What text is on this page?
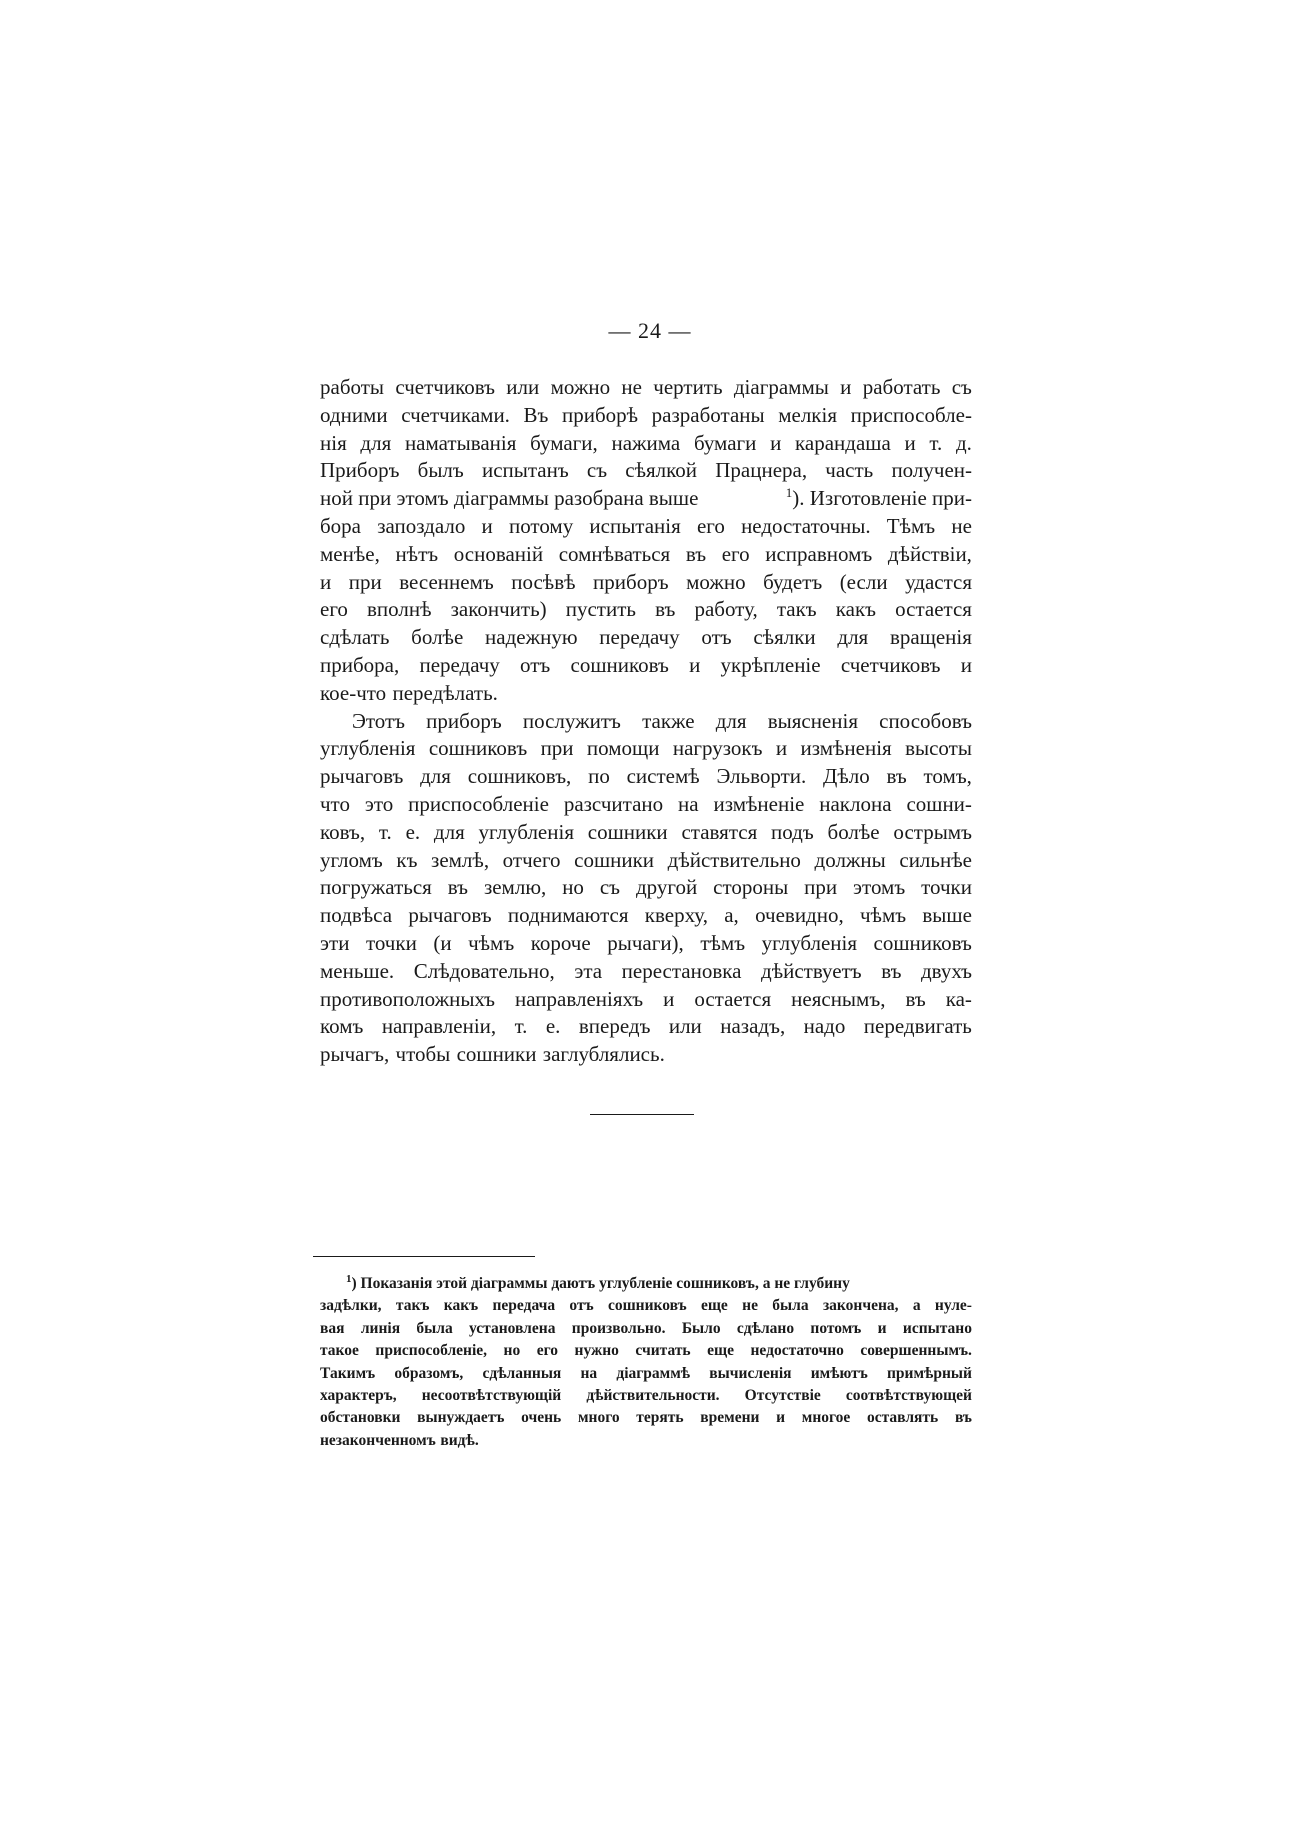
— 24 —
работы счетчиковъ или можно не чертить діаграммы и работать съ
одними счетчиками. Въ приборѣ разработаны мелкія приспособле-
нія для наматыванія бумаги, нажима бумаги и карандаша и т. д.
Приборъ былъ испытанъ съ сѣялкой Працнера, часть получен-
ной при этомъ діаграммы разобрана выше	$^1$). Изготовленіе при-
бора запоздало и потому испытанія его недостаточны. Тѣмъ не
менѣе, нѣтъ основаній сомнѣваться въ его исправномъ дѣйствіи,
и при весеннемъ посѣвѣ приборъ можно будетъ (если удастся
его вполнѣ закончить) пустить въ работу, такъ какъ остается
сдѣлать болѣе надежную передачу отъ сѣялки для вращенія
прибора, передачу отъ сошниковъ и укрѣпленіе счетчиковъ и
кое-что передѣлать.
Этотъ приборъ послужитъ также для выясненія способовъ
углубленія сошниковъ при помощи нагрузокъ и измѣненія высоты
рычаговъ для сошниковъ, по системѣ Эльворти. Дѣло въ томъ,
что это приспособленіе разсчитано на измѣненіе наклона сошни-
ковъ, т. е. для углубленія сошники ставятся подъ болѣе острымъ
угломъ къ землѣ, отчего сошники дѣйствительно должны сильнѣе
погружаться въ землю, но съ другой стороны при этомъ точки
подвѣса рычаговъ поднимаются кверху, а, очевидно, чѣмъ выше
эти точки (и чѣмъ короче рычаги), тѣмъ углубленія сошниковъ
меньше. Слѣдовательно, эта перестановка дѣйствуетъ въ двухъ
противоположныхъ направленіяхъ и остается неяснымъ, въ ка-
комъ направленіи, т. е. впередъ или назадъ, надо передвигать
рычагъ, чтобы сошники заглублялись.
$^1$) Показанія этой діаграммы даютъ углубленіе сошниковъ, а не глубину
задѣлки, такъ какъ передача отъ сошниковъ еще не была закончена, а нуле-
вая линія была установлена произвольно. Было сдѣлано потомъ и испытано
такое приспособленіе, но его нужно считать еще недостаточно совершеннымъ.
Такимъ образомъ, сдѣланныя на діаграммѣ вычисленія имѣютъ примѣрный
характеръ, несоотвѣтствующій дѣйствительности. Отсутствіе соотвѣтствующей
обстановки вынуждаетъ очень много терять времени и многое оставлять въ
незаконченномъ видѣ.
